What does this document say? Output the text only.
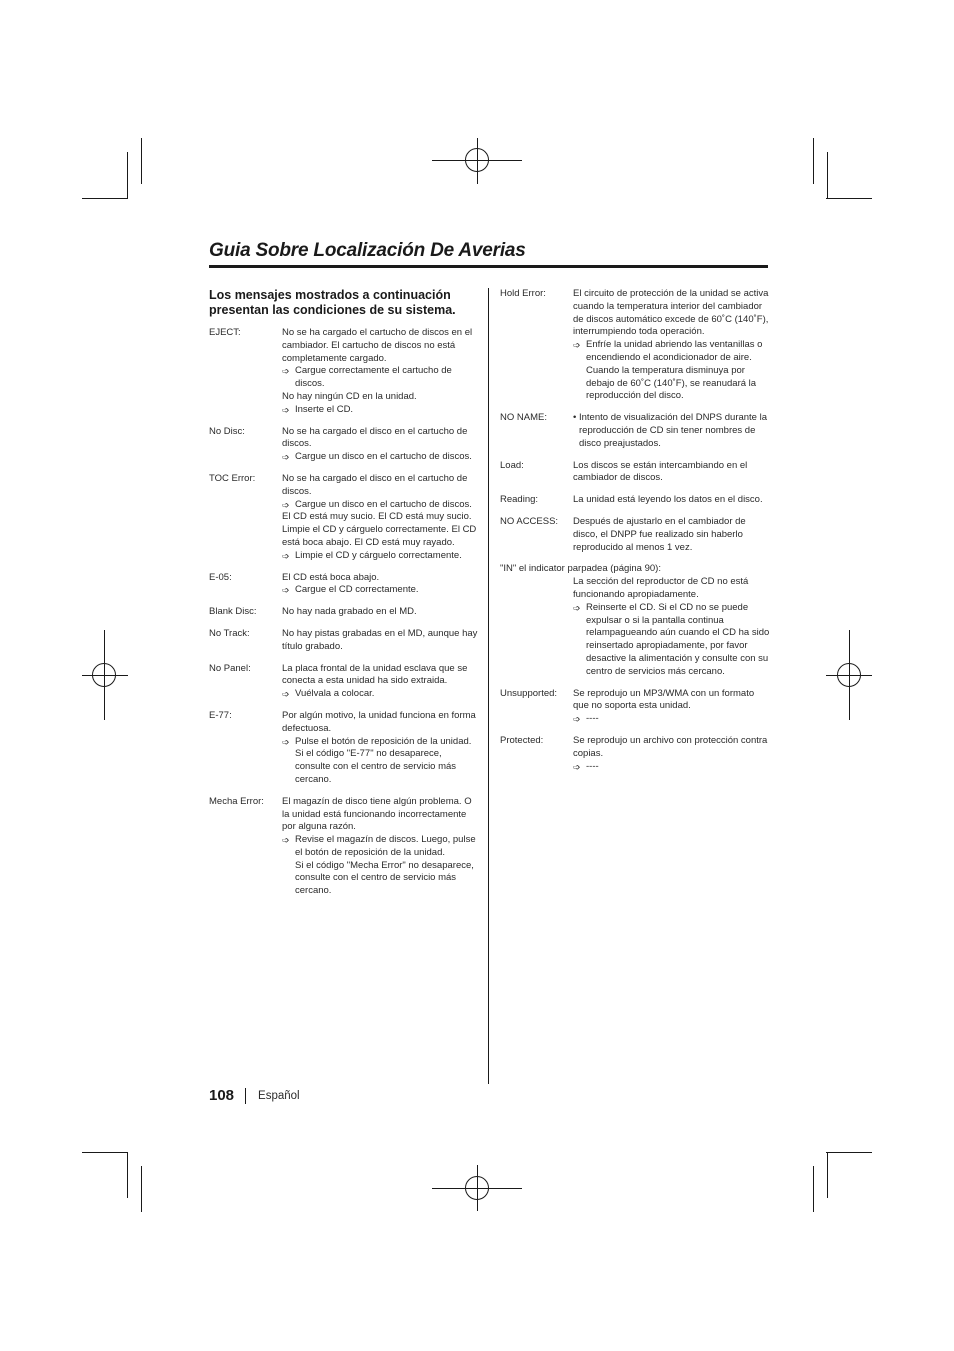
Guia Sobre Localización De Averias

Los mensajes mostrados a continuación presentan las condiciones de su sistema.

EJECT:	No se ha cargado el cartucho de discos en el cambiador. El cartucho de discos no está completamente cargado.
➩ Cargue correctamente el cartucho de discos.
No hay ningún CD en la unidad.
➩ Inserte el CD.
No Disc:	No se ha cargado el disco en el cartucho de discos.
➩ Cargue un disco en el cartucho de discos.
TOC Error:	No se ha cargado el disco en el cartucho de discos.
➩ Cargue un disco en el cartucho de discos.
El CD está muy sucio. El CD está muy sucio. Limpie el CD y cárguelo correctamente. El CD está boca abajo. El CD está muy rayado.
➩ Limpie el CD y cárguelo correctamente.
E-05:	El CD está boca abajo.
➩ Cargue el CD correctamente.
Blank Disc:	No hay nada grabado en el MD.
No Track:	No hay pistas grabadas en el MD, aunque hay título grabado.
No Panel:	La placa frontal de la unidad esclava que se conecta a esta unidad ha sido extraida.
➩ Vuélvala a colocar.
E-77:	Por algún motivo, la unidad funciona en forma defectuosa.
➩ Pulse el botón de reposición de la unidad. Si el código "E-77" no desaparece, consulte con el centro de servicio más cercano.
Mecha Error:	El magazín de disco tiene algún problema. O la unidad está funcionando incorrectamente por alguna razón.
➩ Revise el magazín de discos. Luego, pulse el botón de reposición de la unidad.
Si el código "Mecha Error" no desaparece, consulte con el centro de servicio más cercano.
Hold Error:	El circuito de protección de la unidad se activa cuando la temperatura interior del cambiador de discos automático excede de 60˚C (140˚F), interrumpiendo toda operación.
➩ Enfríe la unidad abriendo las ventanillas o encendiendo el acondicionador de aire. Cuando la temperatura disminuya por debajo de 60˚C (140˚F), se reanudará la reproducción del disco.
NO NAME:	• Intento de visualización del DNPS durante la reproducción de CD sin tener nombres de disco preajustados.
Load:	Los discos se están intercambiando en el cambiador de discos.
Reading:	La unidad está leyendo los datos en el disco.
NO ACCESS:	Después de ajustarlo en el cambiador de disco, el DNPP fue realizado sin haberlo reproducido al menos 1 vez.
"IN" el indicator parpadea (página 90):
La sección del reproductor de CD no está funcionando apropiadamente.
➩ Reinserte el CD. Si el CD no se puede expulsar o si la pantalla continua relampagueando aún cuando el CD ha sido reinsertado apropiadamente, por favor desactive la alimentación y consulte con su centro de servicios más cercano.
Unsupported:	Se reprodujo un MP3/WMA con un formato que no soporta esta unidad.
➩ ----
Protected:	Se reprodujo un archivo con protección contra copias.
➩ ----
108 Español
